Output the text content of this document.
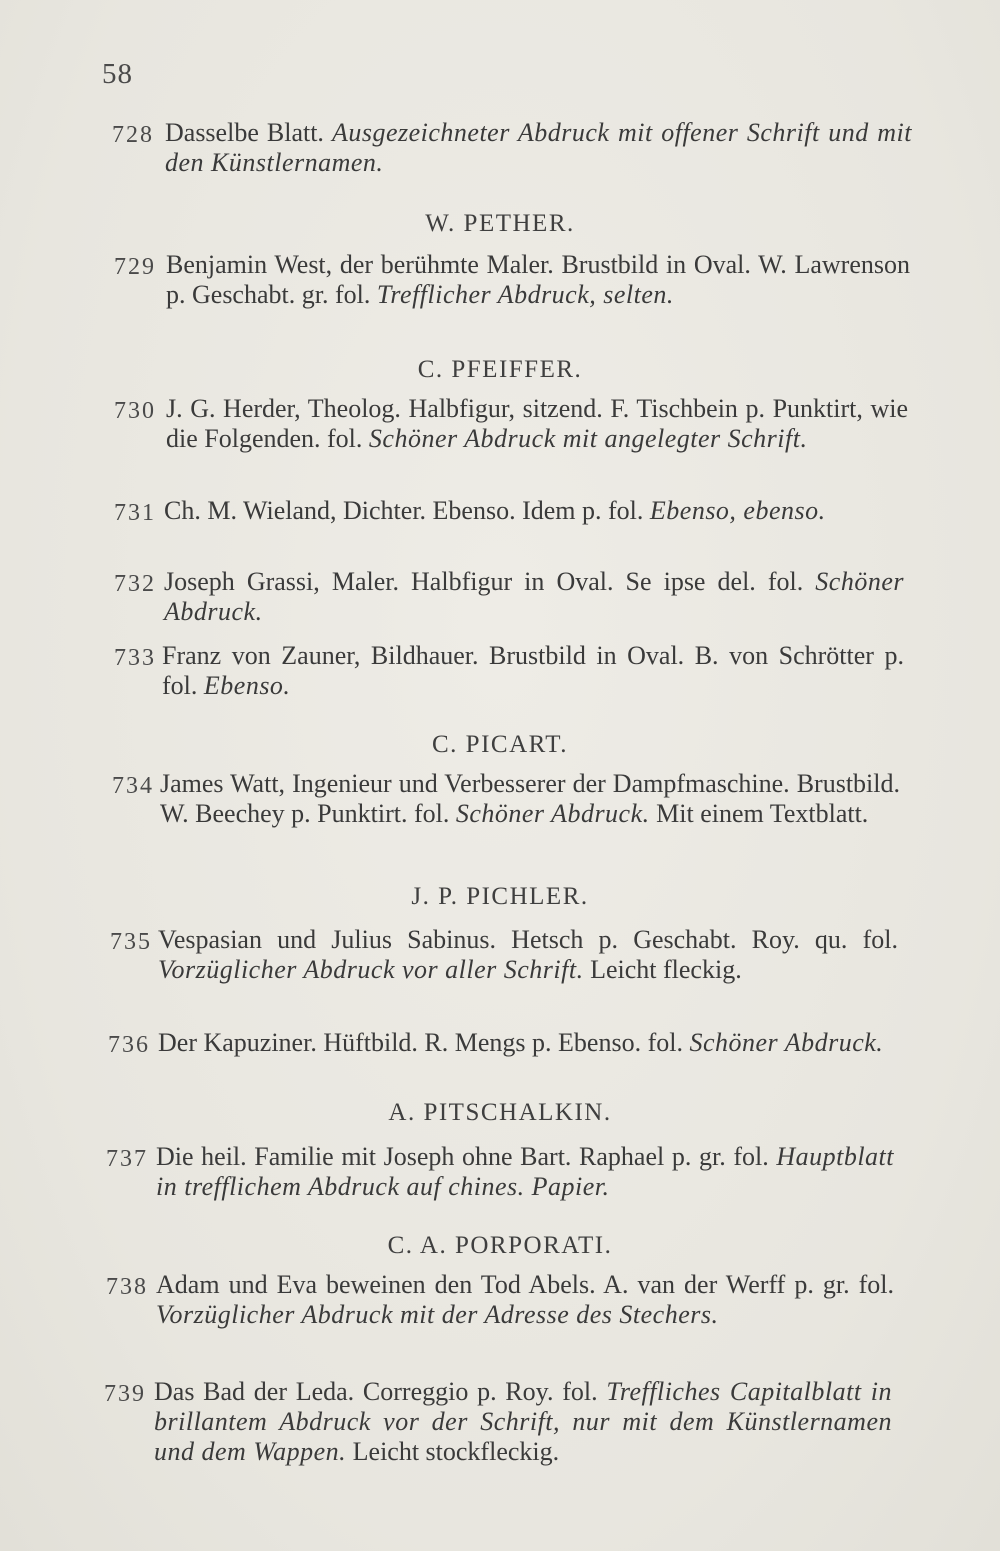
58
728 Dasselbe Blatt. Ausgezeichneter Abdruck mit offener Schrift und mit den Künstlernamen.
W. PETHER.
729 Benjamin West, der berühmte Maler. Brustbild in Oval. W. Lawrenson p. Geschabt. gr. fol. Trefflicher Abdruck, selten.
C. PFEIFFER.
730 J. G. Herder, Theolog. Halbfigur, sitzend. F. Tischbein p. Punktirt, wie die Folgenden. fol. Schöner Abdruck mit angelegter Schrift.
731 Ch. M. Wieland, Dichter. Ebenso. Idem p. fol. Ebenso, ebenso.
732 Joseph Grassi, Maler. Halbfigur in Oval. Se ipse del. fol. Schöner Abdruck.
733 Franz von Zauner, Bildhauer. Brustbild in Oval. B. von Schrötter p. fol. Ebenso.
C. PICART.
734 James Watt, Ingenieur und Verbesserer der Dampfmaschine. Brustbild. W. Beechey p. Punktirt. fol. Schöner Abdruck. Mit einem Textblatt.
J. P. PICHLER.
735 Vespasian und Julius Sabinus. Hetsch p. Geschabt. Roy. qu. fol. Vorzüglicher Abdruck vor aller Schrift. Leicht fleckig.
736 Der Kapuziner. Hüftbild. R. Mengs p. Ebenso. fol. Schöner Abdruck.
A. PITSCHALKIN.
737 Die heil. Familie mit Joseph ohne Bart. Raphael p. gr. fol. Hauptblatt in trefflichem Abdruck auf chines. Papier.
C. A. PORPORATI.
738 Adam und Eva beweinen den Tod Abels. A. van der Werff p. gr. fol. Vorzüglicher Abdruck mit der Adresse des Stechers.
739 Das Bad der Leda. Correggio p. Roy. fol. Treffliches Capitalblatt in brillantem Abdruck vor der Schrift, nur mit dem Künstlernamen und dem Wappen. Leicht stockfleckig.
